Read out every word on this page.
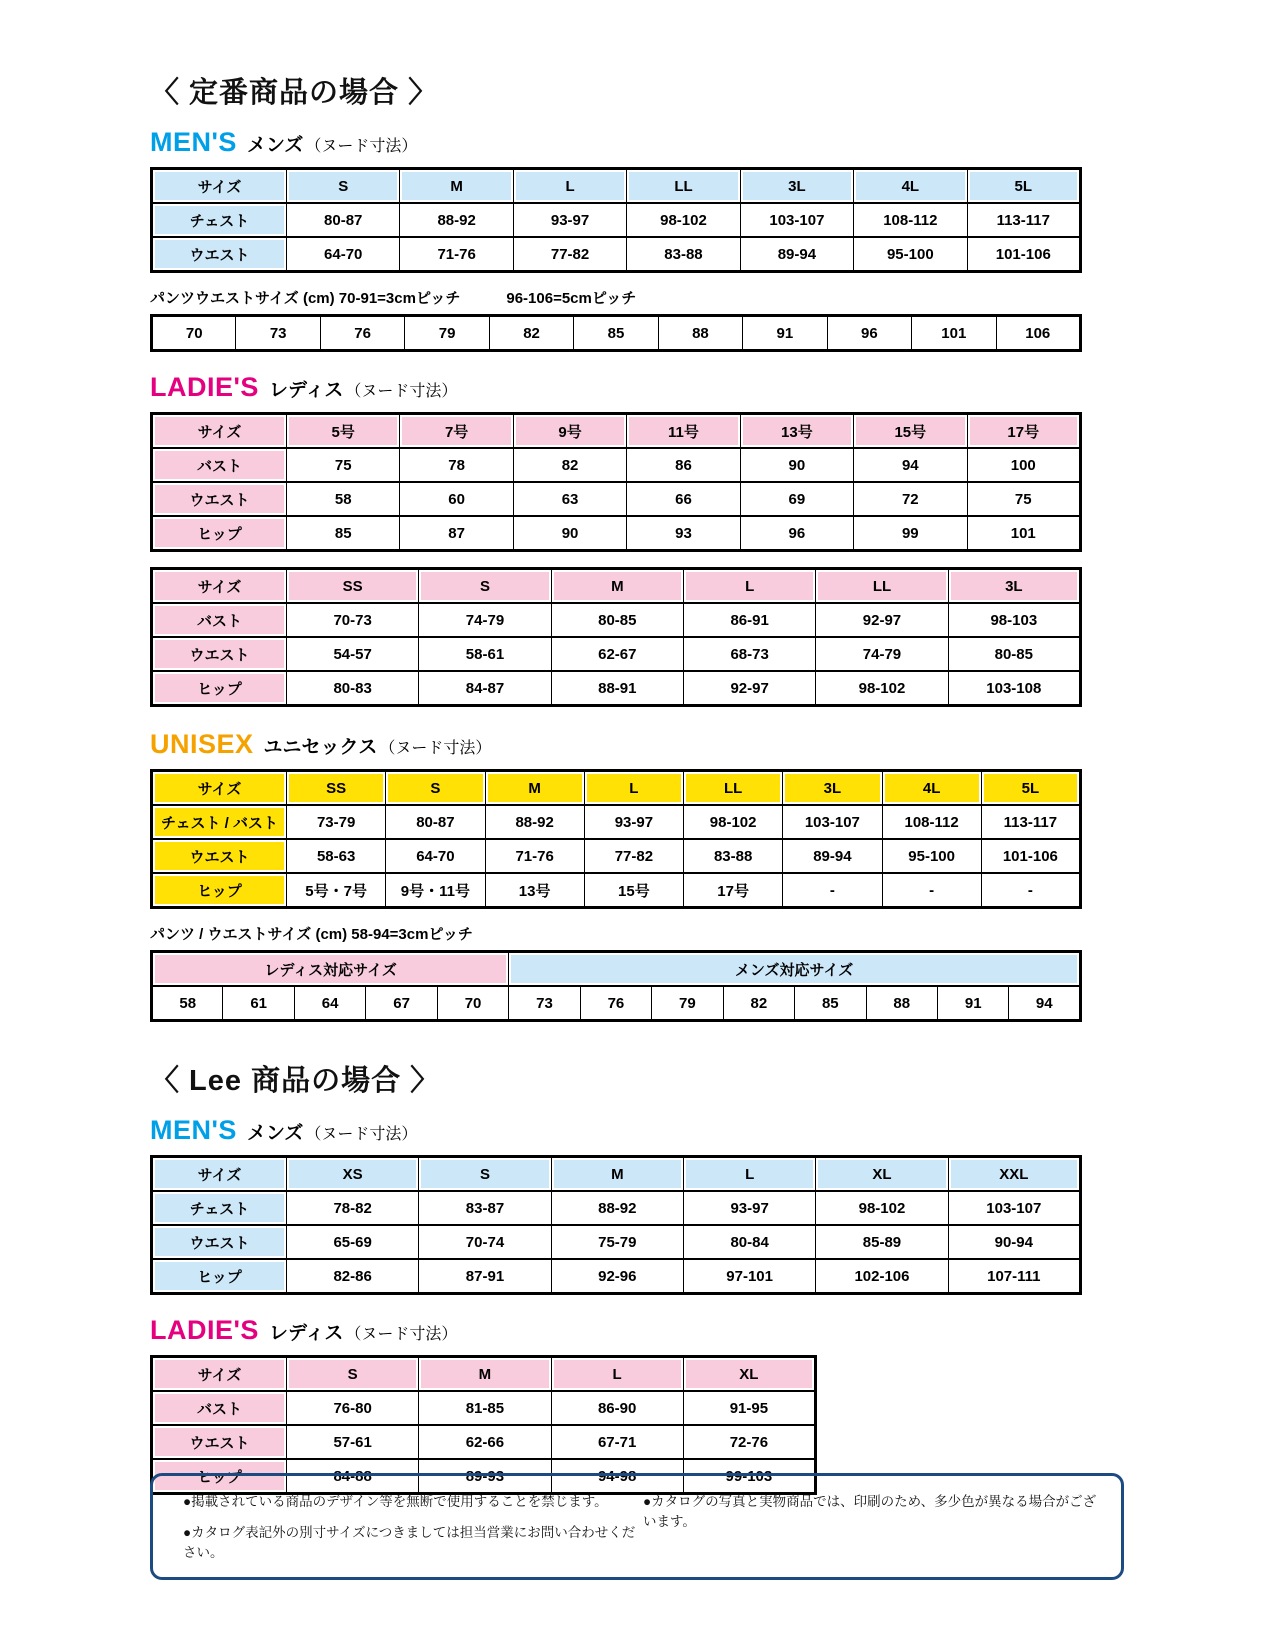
〈 定番商品の場合 〉
MEN'S メンズ （ヌード寸法）
サイズ	S	M	L	LL	3L	4L	5L
チェスト	80-87	88-92	93-97	98-102	103-107	108-112	113-117
ウエスト	64-70	71-76	77-82	83-88	89-94	95-100	101-106
パンツウエストサイズ (cm) 70-91=3cmピッチ	96-106=5cmピッチ
70	73	76	79	82	85	88	91	96	101	106
LADIE'S レディス （ヌード寸法）
サイズ	5号	7号	9号	11号	13号	15号	17号
バスト	75	78	82	86	90	94	100
ウエスト	58	60	63	66	69	72	75
ヒップ	85	87	90	93	96	99	101
サイズ	SS	S	M	L	LL	3L
バスト	70-73	74-79	80-85	86-91	92-97	98-103
ウエスト	54-57	58-61	62-67	68-73	74-79	80-85
ヒップ	80-83	84-87	88-91	92-97	98-102	103-108
UNISEX ユニセックス （ヌード寸法）
サイズ	SS	S	M	L	LL	3L	4L	5L
チェスト / バスト	73-79	80-87	88-92	93-97	98-102	103-107	108-112	113-117
ウエスト	58-63	64-70	71-76	77-82	83-88	89-94	95-100	101-106
ヒップ	5号・7号	9号・11号	13号	15号	17号	-	-	-
パンツ / ウエストサイズ (cm) 58-94=3cmピッチ
レディス対応サイズ					メンズ対応サイズ							
58	61	64	67	70	73	76	79	82	85	88	91	94
〈 Lee 商品の場合 〉
MEN'S メンズ （ヌード寸法）
サイズ	XS	S	M	L	XL	XXL
チェスト	78-82	83-87	88-92	93-97	98-102	103-107
ウエスト	65-69	70-74	75-79	80-84	85-89	90-94
ヒップ	82-86	87-91	92-96	97-101	102-106	107-111
LADIE'S レディス （ヌード寸法）
サイズ	S	M	L	XL
バスト	76-80	81-85	86-90	91-95
ウエスト	57-61	62-66	67-71	72-76
ヒップ	84-88	89-93	94-98	99-103
●掲載されている商品のデザイン等を無断で使用することを禁じます。
●カタログ表記外の別寸サイズにつきましては担当営業にお問い合わせください。
●カタログの写真と実物商品では、印刷のため、多少色が異なる場合がございます。
